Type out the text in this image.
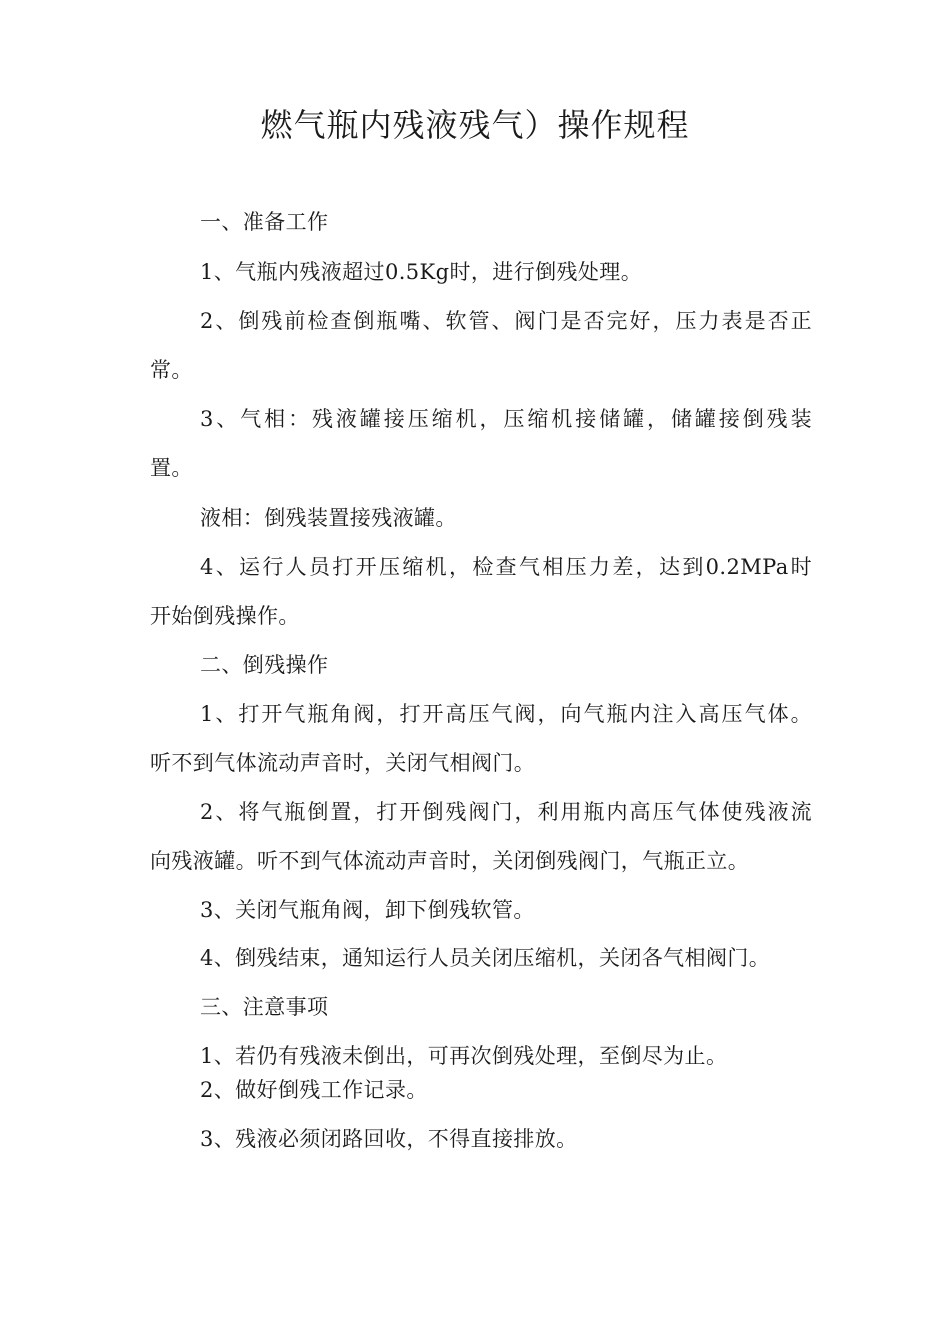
燃气瓶内残液残气）操作规程
一、准备工作
1、气瓶内残液超过0.5Kg时，进行倒残处理。
2、倒残前检查倒瓶嘴、软管、阀门是否完好，压力表是否正
常。
3、气相：残液罐接压缩机，压缩机接储罐，储罐接倒残装
置。
液相：倒残装置接残液罐。
4、运行人员打开压缩机，检查气相压力差，达到0.2MPa时
开始倒残操作。
二、倒残操作
1、打开气瓶角阀，打开高压气阀，向气瓶内注入高压气体。
听不到气体流动声音时，关闭气相阀门。
2、将气瓶倒置，打开倒残阀门，利用瓶内高压气体使残液流
向残液罐。听不到气体流动声音时，关闭倒残阀门，气瓶正立。
3、关闭气瓶角阀，卸下倒残软管。
4、倒残结束，通知运行人员关闭压缩机，关闭各气相阀门。
三、注意事项
1、若仍有残液未倒出，可再次倒残处理，至倒尽为止。
2、做好倒残工作记录。
3、残液必须闭路回收，不得直接排放。
